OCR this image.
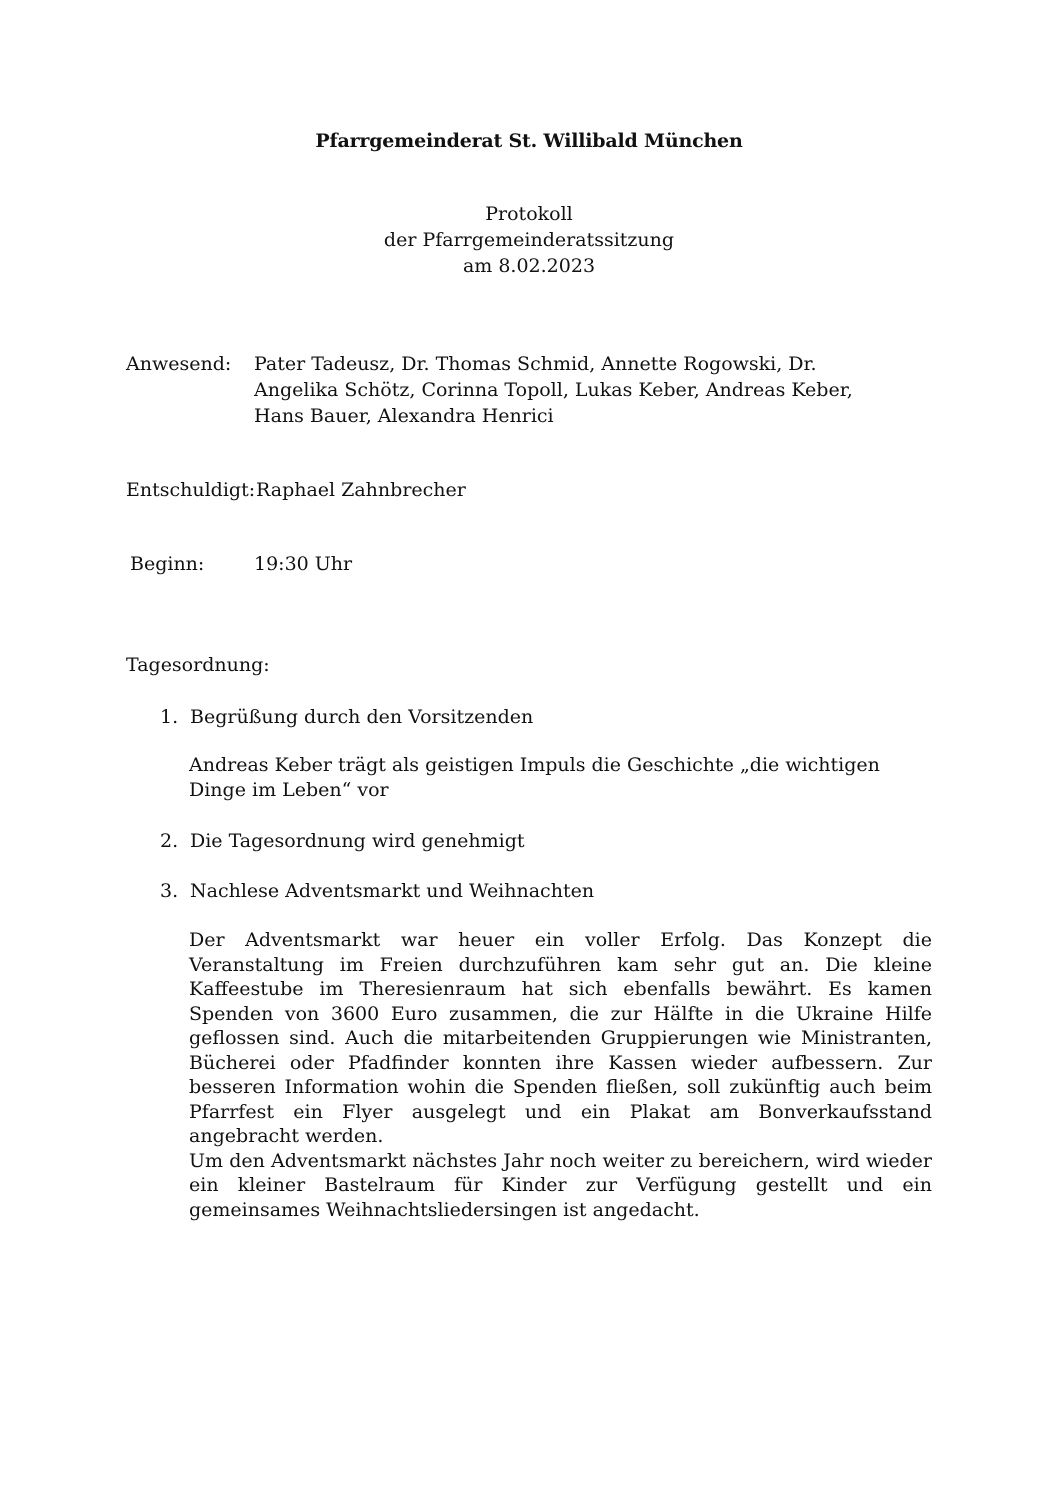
Pfarrgemeinderat St. Willibald München
Protokoll
der Pfarrgemeinderatssitzung
am 8.02.2023
Anwesend: Pater Tadeusz, Dr. Thomas Schmid, Annette Rogowski, Dr. Angelika Schötz, Corinna Topoll, Lukas Keber, Andreas Keber, Hans Bauer, Alexandra Henrici
Entschuldigt: Raphael Zahnbrecher
Beginn:	19:30 Uhr
Tagesordnung:
1. Begrüßung durch den Vorsitzenden
Andreas Keber trägt als geistigen Impuls die Geschichte „die wichtigen Dinge im Leben“ vor
2. Die Tagesordnung wird genehmigt
3. Nachlese Adventsmarkt und Weihnachten

Der Adventsmarkt war heuer ein voller Erfolg. Das Konzept die Veranstaltung im Freien durchzuführen kam sehr gut an. Die kleine Kaffeestube im Theresienraum hat sich ebenfalls bewährt. Es kamen Spenden von 3600 Euro zusammen, die zur Hälfte in die Ukraine Hilfe geflossen sind. Auch die mitarbeitenden Gruppierungen wie Ministranten, Bücherei oder Pfadfinder konnten ihre Kassen wieder aufbessern. Zur besseren Information wohin die Spenden fließen, soll zukünftig auch beim Pfarrfest ein Flyer ausgelegt und ein Plakat am Bonverkaufsstand angebracht werden.

Um den Adventsmarkt nächstes Jahr noch weiter zu bereichern, wird wieder ein kleiner Bastelraum für Kinder zur Verfügung gestellt und ein gemeinsames Weihnachtsliedersingen ist angedacht.
